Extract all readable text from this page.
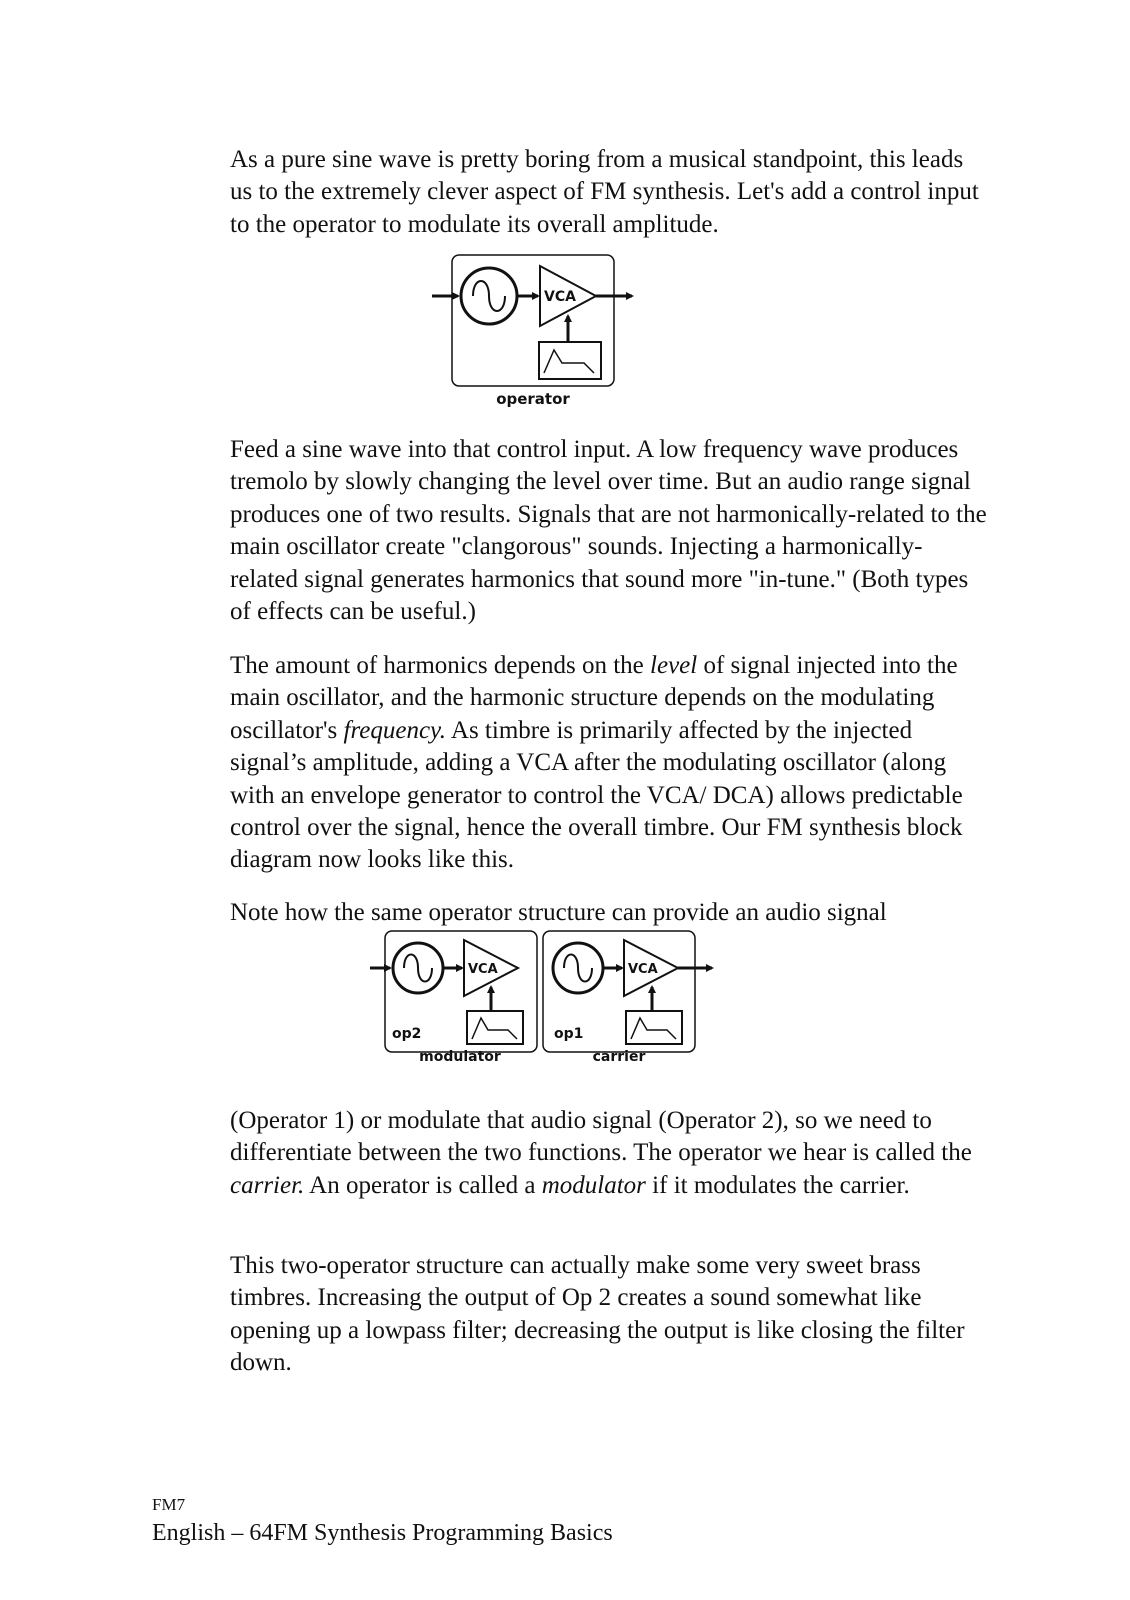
As a pure sine wave is pretty boring from a musical standpoint, this leads us to the extremely clever aspect of FM synthesis. Let's add a control input to the operator to modulate its overall amplitude.

VCA
operator

Feed a sine wave into that control input. A low frequency wave produces tremolo by slowly changing the level over time. But an audio range signal produces one of two results. Signals that are not harmonically-related to the main oscillator create "clangorous" sounds. Injecting a harmonically-related signal generates harmonics that sound more "in-tune." (Both types of effects can be useful.)

The amount of harmonics depends on the level of signal injected into the main oscillator, and the harmonic structure depends on the modulating oscillator's frequency. As timbre is primarily affected by the injected signal’s amplitude, adding a VCA after the modulating oscillator (along with an envelope generator to control the VCA/ DCA) allows predictable control over the signal, hence the overall timbre. Our FM synthesis block diagram now looks like this.

Note how the same operator structure can provide an audio signal

VCA
op2
modulator
VCA
op1
carrier

(Operator 1) or modulate that audio signal (Operator 2), so we need to differentiate between the two functions. The operator we hear is called the carrier. An operator is called a modulator if it modulates the carrier.

This two-operator structure can actually make some very sweet brass timbres. Increasing the output of Op 2 creates a sound somewhat like opening up a lowpass filter; decreasing the output is like closing the filter down.

FM7

English – 64FM Synthesis Programming Basics
